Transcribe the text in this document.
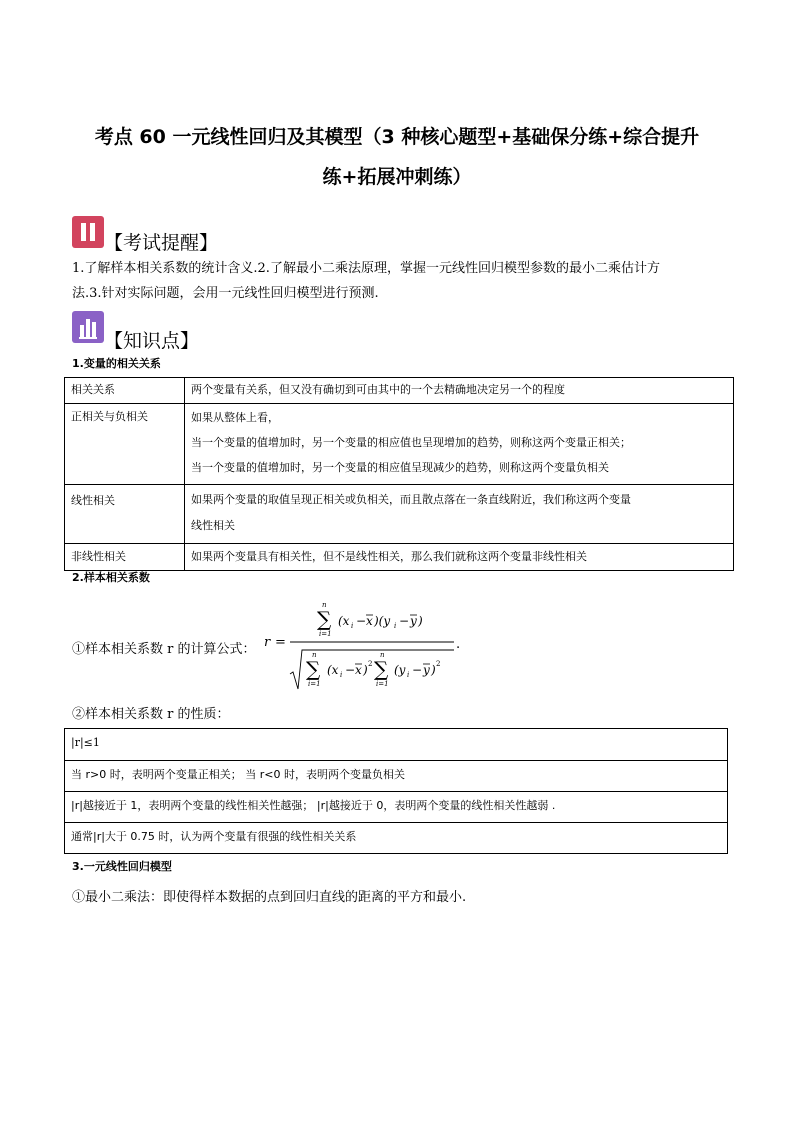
考点 60 一元线性回归及其模型（3 种核心题型+基础保分练+综合提升
练+拓展冲刺练）
【考试提醒】
1.了解样本相关系数的统计含义.2.了解最小二乘法原理，掌握一元线性回归模型参数的最小二乘估计方
法.3.针对实际问题，会用一元线性回归模型进行预测.
【知识点】
1.变量的相关关系
相关关系	两个变量有关系，但又没有确切到可由其中的一个去精确地决定另一个的程度

正相关与负相关	如果从整体上看，
当一个变量的值增加时，另一个变量的相应值也呈现增加的趋势，则称这两个变量正相关；
当一个变量的值增加时，另一个变量的相应值呈现减少的趋势，则称这两个变量负相关

线性相关	如果两个变量的取值呈现正相关或负相关，而且散点落在一条直线附近，我们称这两个变量
线性相关

非线性相关	如果两个变量具有相关性，但不是线性相关，那么我们就称这两个变量非线性相关
2.样本相关系数
①样本相关系数 r 的计算公式： r =
n
∑
i=1
(x i − x )(y i − y )
n
∑
i=1
(x i − x ) 2
n
∑
i=1
(y i − y ) 2
.
②样本相关系数 r 的性质：
|r|≤1

当 r>0 时，表明两个变量正相关； 当 r<0 时，表明两个变量负相关

|r|越接近于 1，表明两个变量的线性相关性越强； |r|越接近于 0，表明两个变量的线性相关性越弱 .

通常|r|大于 0.75 时，认为两个变量有很强的线性相关关系
3.一元线性回归模型
①最小二乘法：即使得样本数据的点到回归直线的距离的平方和最小.
